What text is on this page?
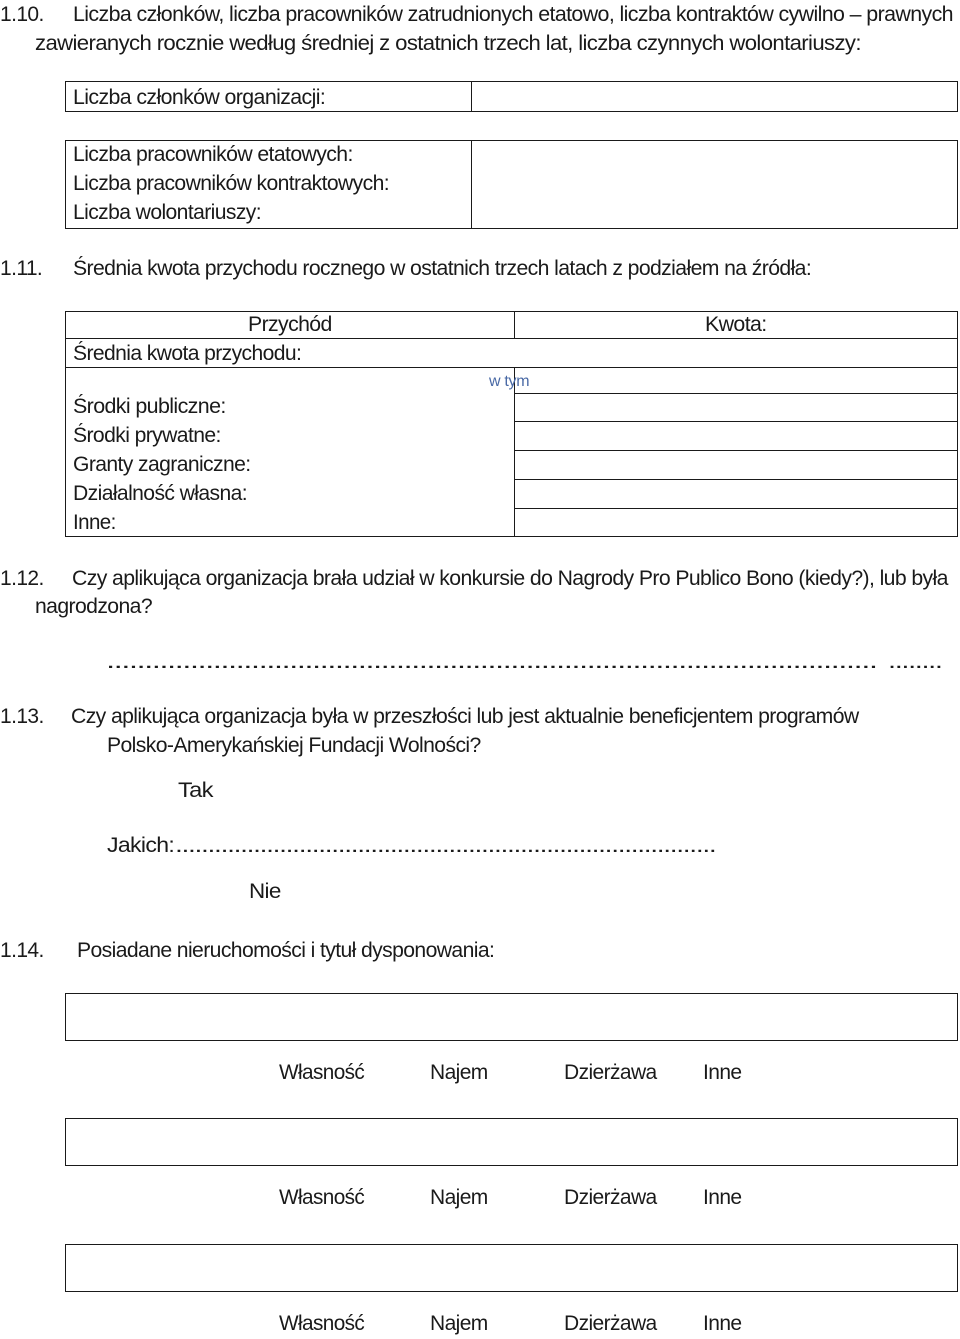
1.10. Liczba członków, liczba pracowników zatrudnionych etatowo, liczba kontraktów cywilno – prawnych
zawieranych rocznie według średniej z ostatnich trzech lat, liczba czynnych wolontariuszy:
Liczba członków organizacji:
Liczba pracowników etatowych:
Liczba pracowników kontraktowych:
Liczba wolontariuszy:
1.11. Średnia kwota przychodu rocznego w ostatnich trzech latach z podziałem na źródła:
Przychód	Kwota:
Średnia kwota przychodu:
w tym
Środki publiczne:
Środki prywatne:
Granty zagraniczne:
Działalność własna:
Inne:
1.12. Czy aplikująca organizacja brała udział w konkursie do Nagrody Pro Publico Bono (kiedy?), lub była
nagrodzona?
..................................................................................................... ........
1.13. Czy aplikująca organizacja była w przeszłości lub jest aktualnie beneficjentem programów
Polsko-Amerykańskiej Fundacji Wolności?
Tak
Jakich: ...................................................................................
Nie
1.14. Posiadane nieruchomości i tytuł dysponowania:
Własność	Najem	Dzierżawa Inne
Własność	Najem	Dzierżawa Inne
Własność	Najem	Dzierżawa Inne
